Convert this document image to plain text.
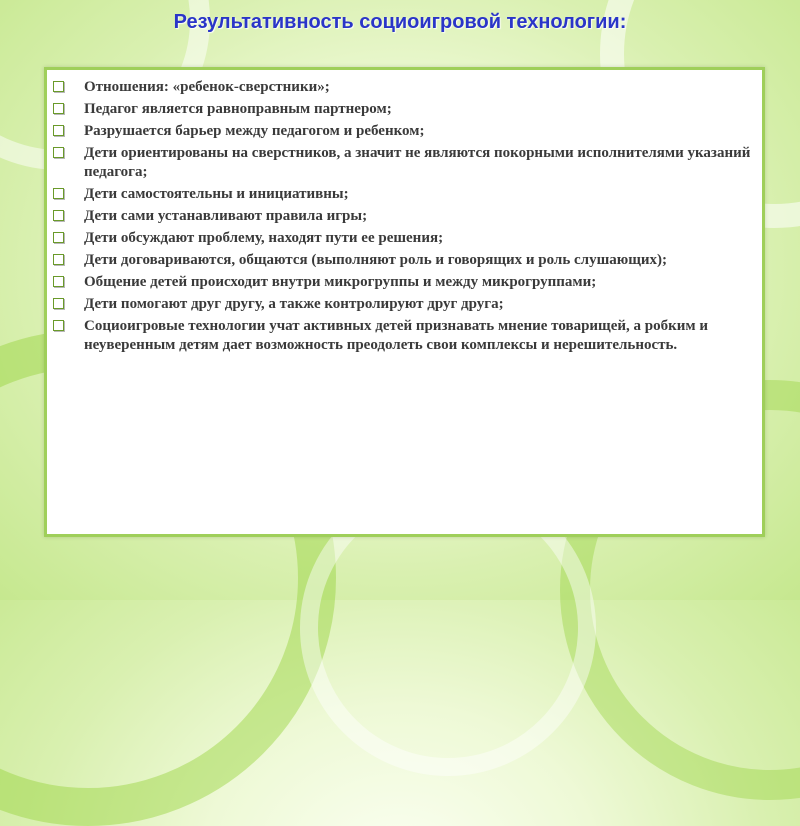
Результативность социоигровой технологии:
Отношения: «ребенок-сверстники»;
Педагог является равноправным партнером;
Разрушается барьер между педагогом и ребенком;
Дети ориентированы на сверстников, а значит не являются покорными исполнителями указаний педагога;
Дети самостоятельны и инициативны;
Дети сами устанавливают правила игры;
Дети обсуждают проблему, находят пути ее решения;
Дети договариваются, общаются (выполняют роль и говорящих и роль слушающих);
Общение детей происходит внутри микрогруппы и между микрогруппами;
Дети помогают друг другу, а также контролируют друг друга;
Социоигровые технологии учат активных детей признавать мнение товарищей, а робким и неуверенным детям дает возможность преодолеть свои комплексы и нерешительность.
